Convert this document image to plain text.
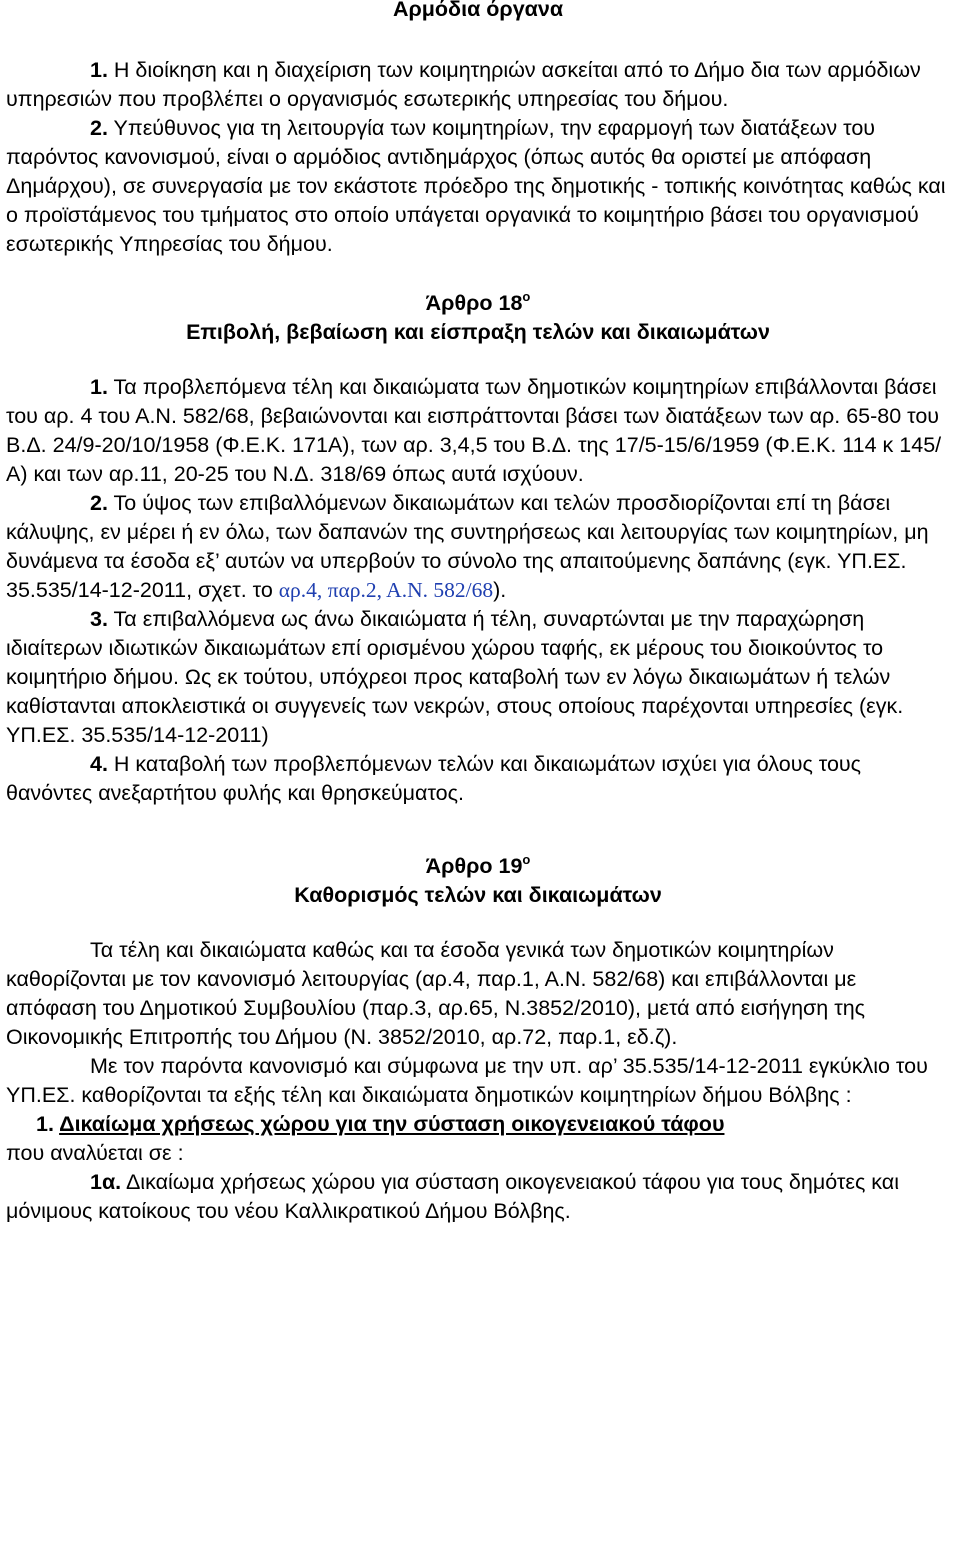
Αρμόδια όργανα

1. Η διοίκηση και η διαχείριση των κοιμητηριών ασκείται από το Δήμο δια των αρμόδιων υπηρεσιών που προβλέπει ο οργανισμός εσωτερικής υπηρεσίας του δήμου.

2. Υπεύθυνος για τη λειτουργία των κοιμητηρίων, την εφαρμογή των διατάξεων του παρόντος κανονισμού, είναι ο αρμόδιος αντιδημάρχος (όπως αυτός θα οριστεί με απόφαση Δημάρχου), σε συνεργασία με τον εκάστοτε πρόεδρο της δημοτικής - τοπικής κοινότητας καθώς και ο προϊστάμενος του τμήματος στο οποίο υπάγεται οργανικά το κοιμητήριο βάσει του οργανισμού εσωτερικής Υπηρεσίας του δήμου.

Άρθρο $18^o$

Επιβολή, βεβαίωση και είσπραξη τελών και δικαιωμάτων

1. Τα προβλεπόμενα τέλη και δικαιώματα των δημοτικών κοιμητηρίων επιβάλλονται βάσει του αρ. 4 του Α.Ν. 582/68, βεβαιώνονται και εισπράττονται βάσει των διατάξεων των αρ. 65-80 του Β.Δ. 24/9-20/10/1958 (Φ.Ε.Κ. 171Α), των αρ. 3,4,5 του Β.Δ. της 17/5-15/6/1959 (Φ.Ε.Κ. 114 κ 145/Α) και των αρ.11, 20-25 του Ν.Δ. 318/69 όπως αυτά ισχύουν.

2. Το ύψος των επιβαλλόμενων δικαιωμάτων και τελών προσδιορίζονται επί τη βάσει κάλυψης, εν μέρει ή εν όλω, των δαπανών της συντηρήσεως και λειτουργίας των κοιμητηρίων, μη δυνάμενα τα έσοδα εξ’ αυτών να υπερβούν το σύνολο της απαιτούμενης δαπάνης (εγκ. ΥΠ.ΕΣ. 35.535/14-12-2011, σχετ. το αρ.4, παρ.2, Α.Ν. 582/68).

3. Τα επιβαλλόμενα ως άνω δικαιώματα ή τέλη, συναρτώνται με την παραχώρηση ιδιαίτερων ιδιωτικών δικαιωμάτων επί ορισμένου χώρου ταφής, εκ μέρους του διοικούντος το κοιμητήριο δήμου. Ως εκ τούτου, υπόχρεοι προς καταβολή των εν λόγω δικαιωμάτων ή τελών καθίστανται αποκλειστικά οι συγγενείς των νεκρών, στους οποίους παρέχονται υπηρεσίες (εγκ. ΥΠ.ΕΣ. 35.535/14-12-2011)

4. Η καταβολή των προβλεπόμενων τελών και δικαιωμάτων ισχύει για όλους τους θανόντες ανεξαρτήτου φυλής και θρησκεύματος.

Άρθρο $19^o$

Καθορισμός τελών και δικαιωμάτων

Τα τέλη και δικαιώματα καθώς και τα έσοδα γενικά των δημοτικών κοιμητηρίων καθορίζονται με τον κανονισμό λειτουργίας (αρ.4, παρ.1, Α.Ν. 582/68) και επιβάλλονται με απόφαση του Δημοτικού Συμβουλίου (παρ.3, αρ.65, Ν.3852/2010), μετά από εισήγηση της Οικονομικής Επιτροπής του Δήμου (Ν. 3852/2010, αρ.72, παρ.1, εδ.ζ).

Με τον παρόντα κανονισμό και σύμφωνα με την υπ. αρ’ 35.535/14-12-2011 εγκύκλιο του ΥΠ.ΕΣ. καθορίζονται τα εξής τέλη και δικαιώματα δημοτικών κοιμητηρίων δήμου Βόλβης :

1. Δικαίωμα χρήσεως χώρου για την σύσταση οικογενειακού τάφου

που αναλύεται σε :

1α. Δικαίωμα χρήσεως χώρου για σύσταση οικογενειακού τάφου για τους δημότες και μόνιμους κατοίκους του νέου Καλλικρατικού Δήμου Βόλβης.
